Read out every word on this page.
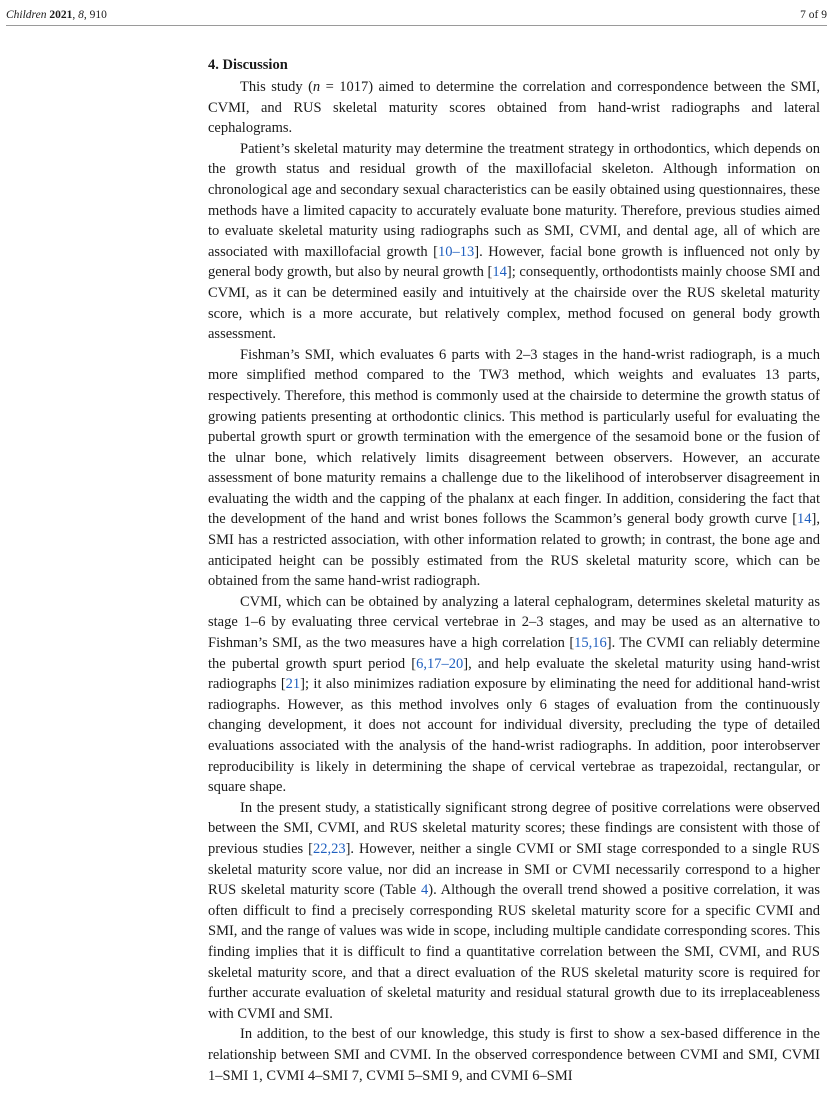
Children 2021, 8, 910	7 of 9
4. Discussion

This study (n = 1017) aimed to determine the correlation and correspondence between the SMI, CVMI, and RUS skeletal maturity scores obtained from hand-wrist radiographs and lateral cephalograms.

Patient’s skeletal maturity may determine the treatment strategy in orthodontics, which depends on the growth status and residual growth of the maxillofacial skeleton. Although information on chronological age and secondary sexual characteristics can be easily obtained using questionnaires, these methods have a limited capacity to accurately evaluate bone maturity. Therefore, previous studies aimed to evaluate skeletal maturity using radiographs such as SMI, CVMI, and dental age, all of which are associated with maxillofacial growth [10–13]. However, facial bone growth is influenced not only by general body growth, but also by neural growth [14]; consequently, orthodontists mainly choose SMI and CVMI, as it can be determined easily and intuitively at the chairside over the RUS skeletal maturity score, which is a more accurate, but relatively complex, method focused on general body growth assessment.

Fishman’s SMI, which evaluates 6 parts with 2–3 stages in the hand-wrist radiograph, is a much more simplified method compared to the TW3 method, which weights and evaluates 13 parts, respectively. Therefore, this method is commonly used at the chairside to determine the growth status of growing patients presenting at orthodontic clinics. This method is particularly useful for evaluating the pubertal growth spurt or growth termination with the emergence of the sesamoid bone or the fusion of the ulnar bone, which relatively limits disagreement between observers. However, an accurate assessment of bone maturity remains a challenge due to the likelihood of interobserver disagreement in evaluating the width and the capping of the phalanx at each finger. In addition, considering the fact that the development of the hand and wrist bones follows the Scammon’s general body growth curve [14], SMI has a restricted association, with other information related to growth; in contrast, the bone age and anticipated height can be possibly estimated from the RUS skeletal maturity score, which can be obtained from the same hand-wrist radiograph.

CVMI, which can be obtained by analyzing a lateral cephalogram, determines skeletal maturity as stage 1–6 by evaluating three cervical vertebrae in 2–3 stages, and may be used as an alternative to Fishman’s SMI, as the two measures have a high correlation [15,16]. The CVMI can reliably determine the pubertal growth spurt period [6,17–20], and help evaluate the skeletal maturity using hand-wrist radiographs [21]; it also minimizes radiation exposure by eliminating the need for additional hand-wrist radiographs. However, as this method involves only 6 stages of evaluation from the continuously changing development, it does not account for individual diversity, precluding the type of detailed evaluations associated with the analysis of the hand-wrist radiographs. In addition, poor interobserver reproducibility is likely in determining the shape of cervical vertebrae as trapezoidal, rectangular, or square shape.

In the present study, a statistically significant strong degree of positive correlations were observed between the SMI, CVMI, and RUS skeletal maturity scores; these findings are consistent with those of previous studies [22,23]. However, neither a single CVMI or SMI stage corresponded to a single RUS skeletal maturity score value, nor did an increase in SMI or CVMI necessarily correspond to a higher RUS skeletal maturity score (Table 4). Although the overall trend showed a positive correlation, it was often difficult to find a precisely corresponding RUS skeletal maturity score for a specific CVMI and SMI, and the range of values was wide in scope, including multiple candidate corresponding scores. This finding implies that it is difficult to find a quantitative correlation between the SMI, CVMI, and RUS skeletal maturity score, and that a direct evaluation of the RUS skeletal maturity score is required for further accurate evaluation of skeletal maturity and residual statural growth due to its irreplaceableness with CVMI and SMI.

In addition, to the best of our knowledge, this study is first to show a sex-based difference in the relationship between SMI and CVMI. In the observed correspondence between CVMI and SMI, CVMI 1–SMI 1, CVMI 4–SMI 7, CVMI 5–SMI 9, and CVMI 6–SMI
